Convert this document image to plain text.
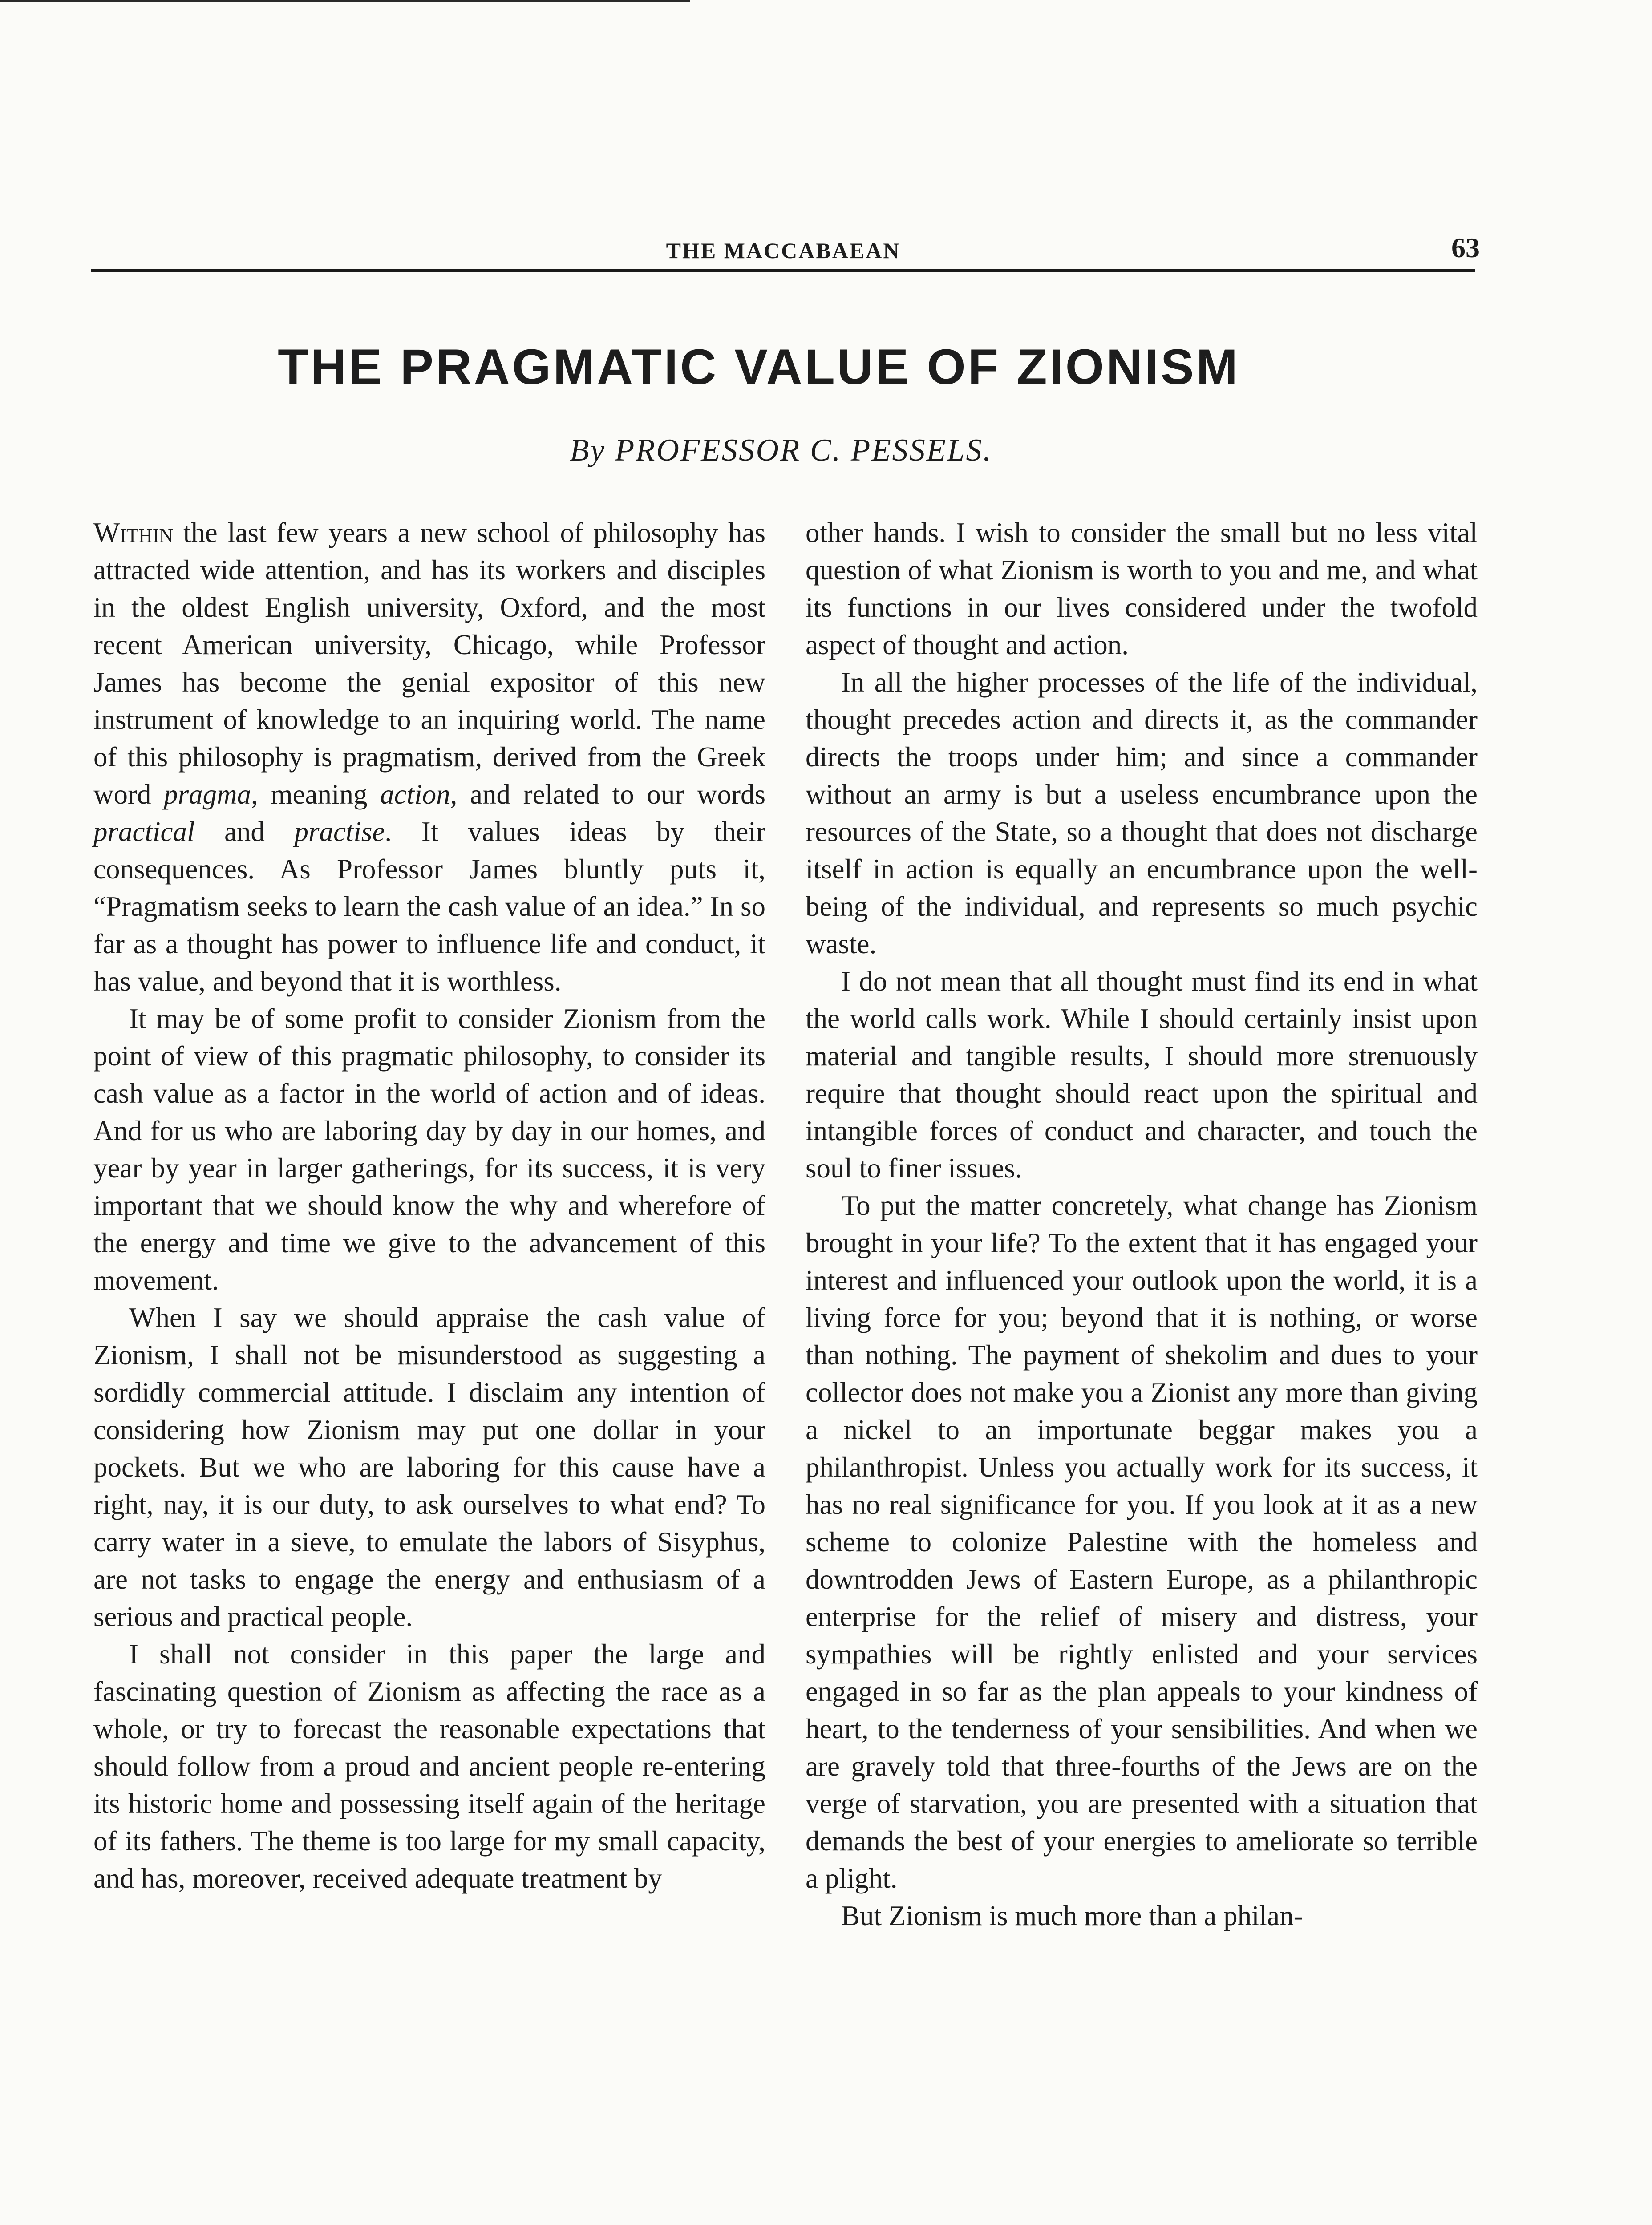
THE MACCABAEAN	63
THE PRAGMATIC VALUE OF ZIONISM
By PROFESSOR C. PESSELS.

Within the last few years a new school of philosophy has attracted wide attention, and has its workers and disciples in the oldest English university, Oxford, and the most recent American university, Chicago, while Professor James has become the genial expositor of this new instrument of knowledge to an inquiring world. The name of this philosophy is pragmatism, derived from the Greek word pragma, meaning action, and related to our words practical and practise. It values ideas by their consequences. As Professor James bluntly puts it, “Pragmatism seeks to learn the cash value of an idea.” In so far as a thought has power to influence life and conduct, it has value, and beyond that it is worthless.

It may be of some profit to consider Zionism from the point of view of this pragmatic philosophy, to consider its cash value as a factor in the world of action and of ideas. And for us who are laboring day by day in our homes, and year by year in larger gatherings, for its success, it is very important that we should know the why and wherefore of the energy and time we give to the advancement of this movement.

When I say we should appraise the cash value of Zionism, I shall not be misunderstood as suggesting a sordidly commercial attitude. I disclaim any intention of considering how Zionism may put one dollar in your pockets. But we who are laboring for this cause have a right, nay, it is our duty, to ask ourselves to what end? To carry water in a sieve, to emulate the labors of Sisyphus, are not tasks to engage the energy and enthusiasm of a serious and practical people.

I shall not consider in this paper the large and fascinating question of Zionism as affecting the race as a whole, or try to forecast the reasonable expectations that should follow from a proud and ancient people re-entering its historic home and possessing itself again of the heritage of its fathers. The theme is too large for my small capacity, and has, moreover, received adequate treatment by

other hands. I wish to consider the small but no less vital question of what Zionism is worth to you and me, and what its functions in our lives considered under the twofold aspect of thought and action.

In all the higher processes of the life of the individual, thought precedes action and directs it, as the commander directs the troops under him; and since a commander without an army is but a useless encumbrance upon the resources of the State, so a thought that does not discharge itself in action is equally an encumbrance upon the well-being of the individual, and represents so much psychic waste.

I do not mean that all thought must find its end in what the world calls work. While I should certainly insist upon material and tangible results, I should more strenuously require that thought should react upon the spiritual and intangible forces of conduct and character, and touch the soul to finer issues.

To put the matter concretely, what change has Zionism brought in your life? To the extent that it has engaged your interest and influenced your outlook upon the world, it is a living force for you; beyond that it is nothing, or worse than nothing. The payment of shekolim and dues to your collector does not make you a Zionist any more than giving a nickel to an importunate beggar makes you a philanthropist. Unless you actually work for its success, it has no real significance for you. If you look at it as a new scheme to colonize Palestine with the homeless and downtrodden Jews of Eastern Europe, as a philanthropic enterprise for the relief of misery and distress, your sympathies will be rightly enlisted and your services engaged in so far as the plan appeals to your kindness of heart, to the tenderness of your sensibilities. And when we are gravely told that three-fourths of the Jews are on the verge of starvation, you are presented with a situation that demands the best of your energies to ameliorate so terrible a plight.

But Zionism is much more than a philan-
